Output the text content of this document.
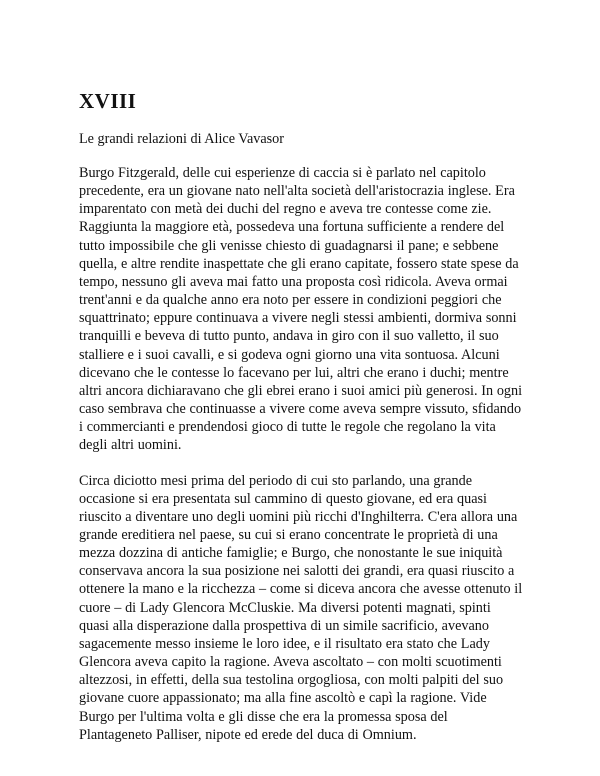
XVIII

Le grandi relazioni di Alice Vavasor

Burgo Fitzgerald, delle cui esperienze di caccia si è parlato nel capitolo precedente, era un giovane nato nell'alta società dell'aristocrazia inglese. Era imparentato con metà dei duchi del regno e aveva tre contesse come zie. Raggiunta la maggiore età, possedeva una fortuna sufficiente a rendere del tutto impossibile che gli venisse chiesto di guadagnarsi il pane; e sebbene quella, e altre rendite inaspettate che gli erano capitate, fossero state spese da tempo, nessuno gli aveva mai fatto una proposta così ridicola. Aveva ormai trent'anni e da qualche anno era noto per essere in condizioni peggiori che squattrinato; eppure continuava a vivere negli stessi ambienti, dormiva sonni tranquilli e beveva di tutto punto, andava in giro con il suo valletto, il suo stalliere e i suoi cavalli, e si godeva ogni giorno una vita sontuosa. Alcuni dicevano che le contesse lo facevano per lui, altri che erano i duchi; mentre altri ancora dichiaravano che gli ebrei erano i suoi amici più generosi. In ogni caso sembrava che continuasse a vivere come aveva sempre vissuto, sfidando i commercianti e prendendosi gioco di tutte le regole che regolano la vita degli altri uomini.

Circa diciotto mesi prima del periodo di cui sto parlando, una grande occasione si era presentata sul cammino di questo giovane, ed era quasi riuscito a diventare uno degli uomini più ricchi d'Inghilterra. C'era allora una grande ereditiera nel paese, su cui si erano concentrate le proprietà di una mezza dozzina di antiche famiglie; e Burgo, che nonostante le sue iniquità conservava ancora la sua posizione nei salotti dei grandi, era quasi riuscito a ottenere la mano e la ricchezza – come si diceva ancora che avesse ottenuto il cuore – di Lady Glencora McCluskie. Ma diversi potenti magnati, spinti quasi alla disperazione dalla prospettiva di un simile sacrificio, avevano sagacemente messo insieme le loro idee, e il risultato era stato che Lady Glencora aveva capito la ragione. Aveva ascoltato – con molti scuotimenti altezzosi, in effetti, della sua testolina orgogliosa, con molti palpiti del suo giovane cuore appassionato; ma alla fine ascoltò e capì la ragione. Vide Burgo per l'ultima volta e gli disse che era la promessa sposa del Plantageneto Palliser, nipote ed erede del duca di Omnium.
